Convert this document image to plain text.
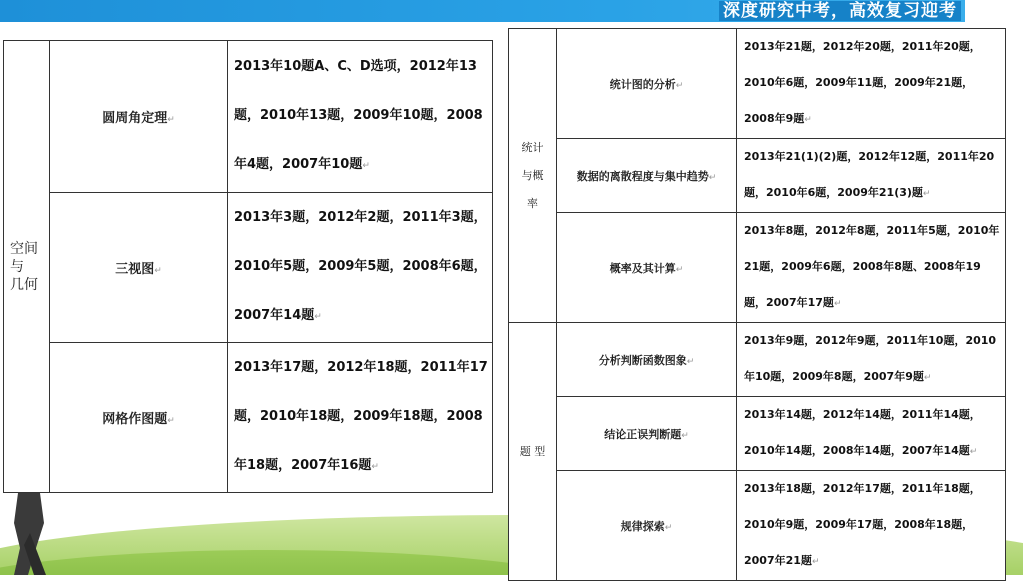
深度研究中考，高效复习迎考
空间
与
几何	圆周角定理↵	2013年10题A、C、D选项，2012年13题，2010年13题，2009年10题，2008年4题，2007年10题↵
	三视图↵	2013年3题，2012年2题，2011年3题，2010年5题，2009年5题，2008年6题，2007年14题↵
	网格作图题↵	2013年17题，2012年18题，2011年17题，2010年18题，2009年18题，2008年18题，2007年16题↵
统计
与概
率	统计图的分析↵	2013年21题，2012年20题，2011年20题，2010年6题，2009年11题，2009年21题，2008年9题↵
	数据的离散程度与集中趋势↵	2013年21(1)(2)题，2012年12题，2011年20题，2010年6题，2009年21(3)题↵
	概率及其计算↵	2013年8题，2012年8题，2011年5题，2010年21题，2009年6题，2008年8题、2008年19题，2007年17题↵
题 型	分析判断函数图象↵	2013年9题，2012年9题，2011年10题，2010年10题，2009年8题，2007年9题↵
	结论正误判断题↵	2013年14题，2012年14题，2011年14题，2010年14题，2008年14题，2007年14题↵
	规律探索↵	2013年18题，2012年17题，2011年18题，2010年9题，2009年17题，2008年18题，2007年21题↵
